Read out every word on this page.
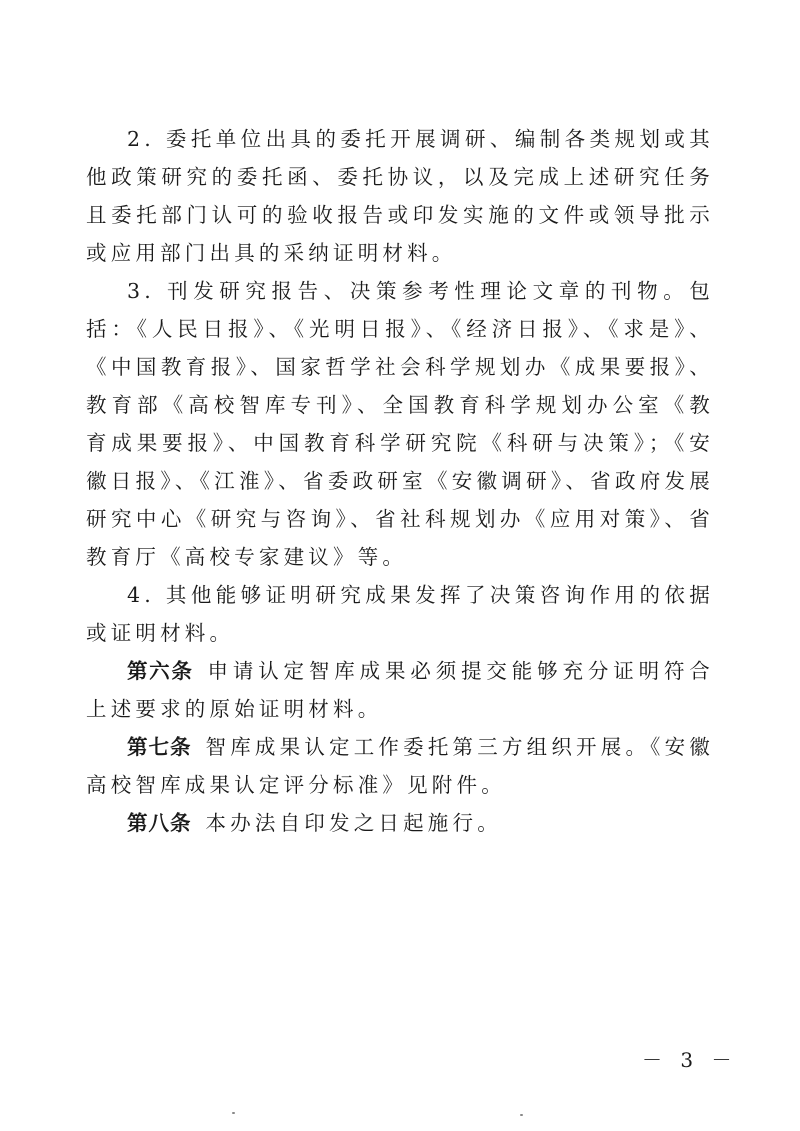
2. 委托单位出具的委托开展调研、编制各类规划或其他政策研究的委托函、委托协议，以及完成上述研究任务且委托部门认可的验收报告或印发实施的文件或领导批示或应用部门出具的采纳证明材料。

3. 刊发研究报告、决策参考性理论文章的刊物。包括：《人民日报》、《光明日报》、《经济日报》、《求是》、《中国教育报》、国家哲学社会科学规划办《成果要报》、教育部《高校智库专刊》、全国教育科学规划办公室《教育成果要报》、中国教育科学研究院《科研与决策》；《安徽日报》、《江淮》、省委政研室《安徽调研》、省政府发展研究中心《研究与咨询》、省社科规划办《应用对策》、省教育厅《高校专家建议》等。

4. 其他能够证明研究成果发挥了决策咨询作用的依据或证明材料。

第六条 申请认定智库成果必须提交能够充分证明符合上述要求的原始证明材料。

第七条 智库成果认定工作委托第三方组织开展。《安徽高校智库成果认定评分标准》见附件。

第八条 本办法自印发之日起施行。

－ 3 －
